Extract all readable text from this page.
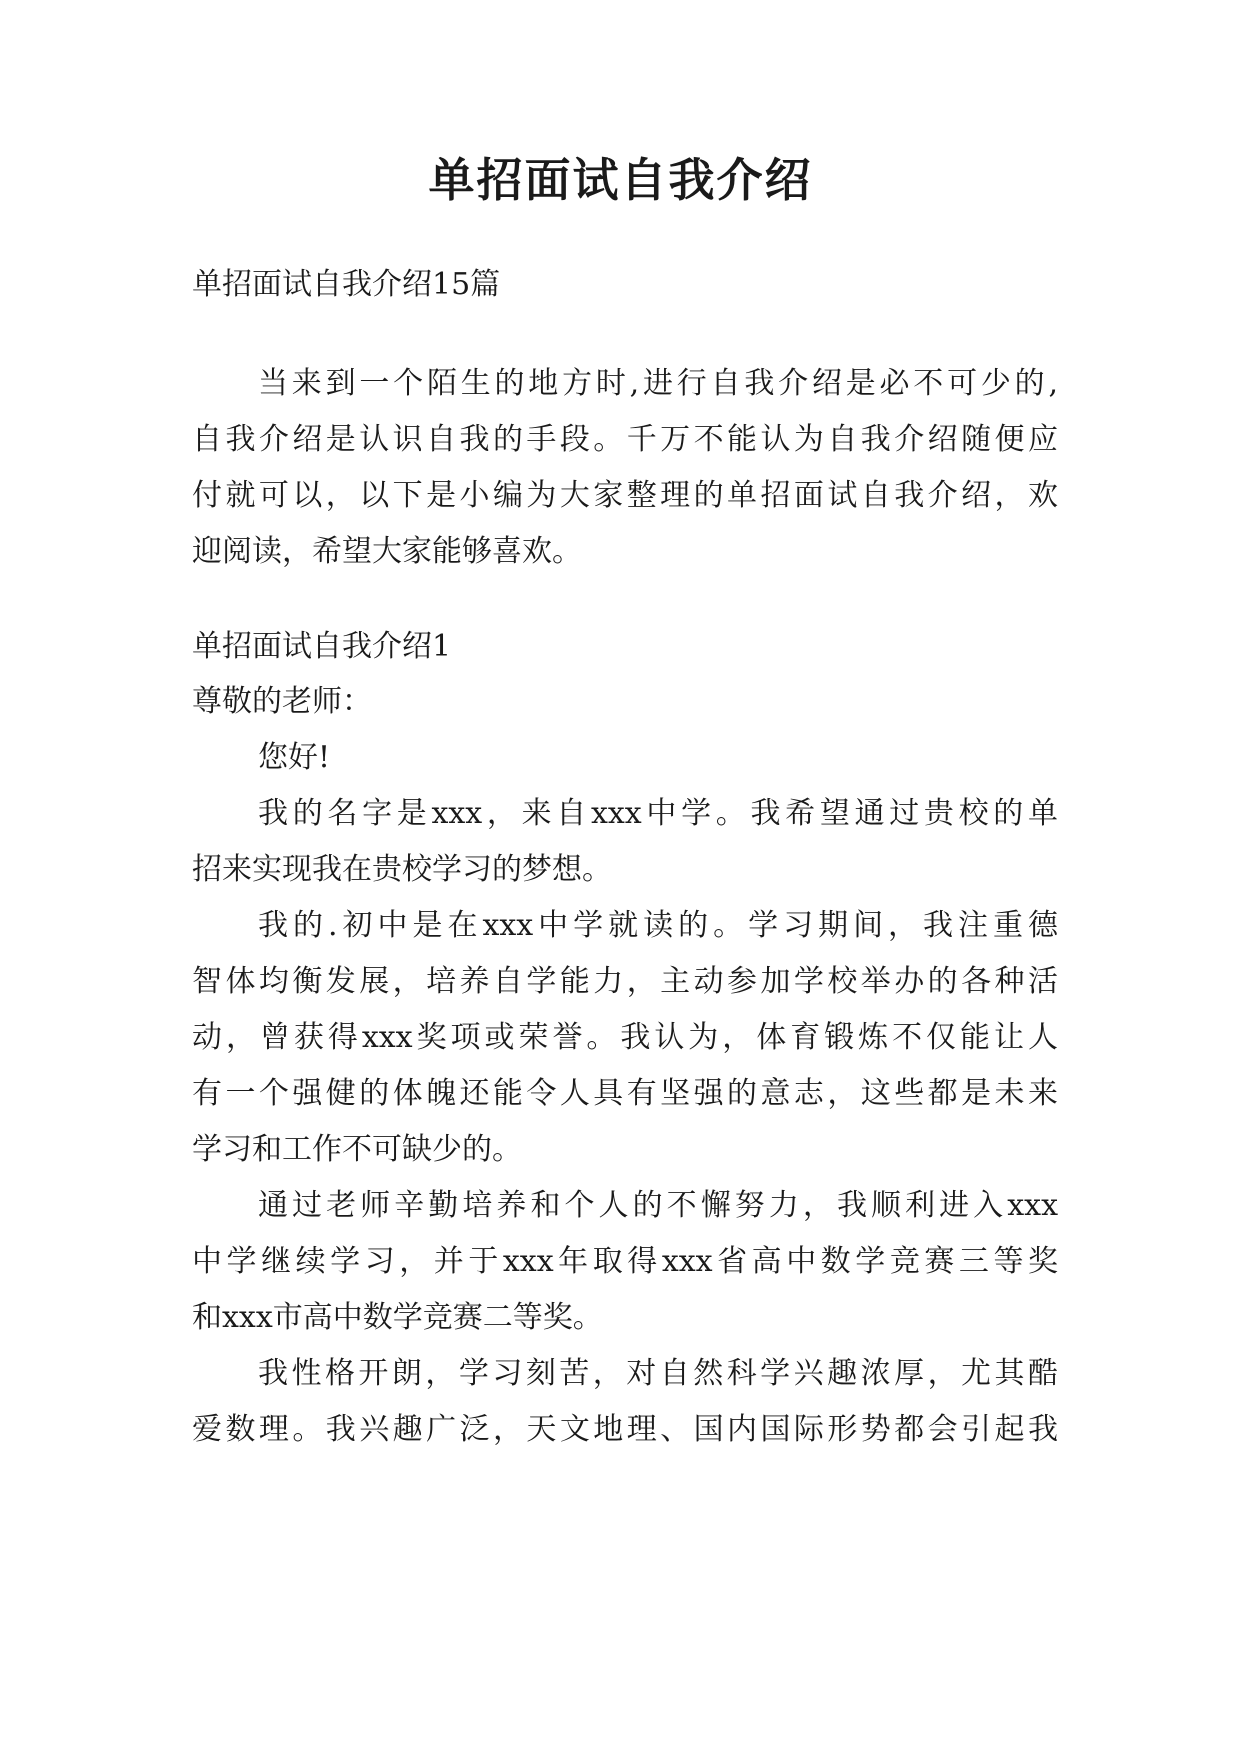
单招面试自我介绍

单招面试自我介绍15篇

当来到一个陌生的地方时,进行自我介绍是必不可少的,

自我介绍是认识自我的手段。千万不能认为自我介绍随便应

付就可以，以下是小编为大家整理的单招面试自我介绍，欢

迎阅读，希望大家能够喜欢。

单招面试自我介绍1

尊敬的老师：

您好!

我的名字是xxx，来自xxx中学。我希望通过贵校的单

招来实现我在贵校学习的梦想。

我的.初中是在xxx中学就读的。学习期间，我注重德

智体均衡发展，培养自学能力，主动参加学校举办的各种活

动，曾获得xxx奖项或荣誉。我认为，体育锻炼不仅能让人

有一个强健的体魄还能令人具有坚强的意志，这些都是未来

学习和工作不可缺少的。

通过老师辛勤培养和个人的不懈努力，我顺利进入xxx

中学继续学习，并于xxx年取得xxx省高中数学竞赛三等奖

和xxx市高中数学竞赛二等奖。

我性格开朗，学习刻苦，对自然科学兴趣浓厚，尤其酷

爱数理。我兴趣广泛，天文地理、国内国际形势都会引起我
